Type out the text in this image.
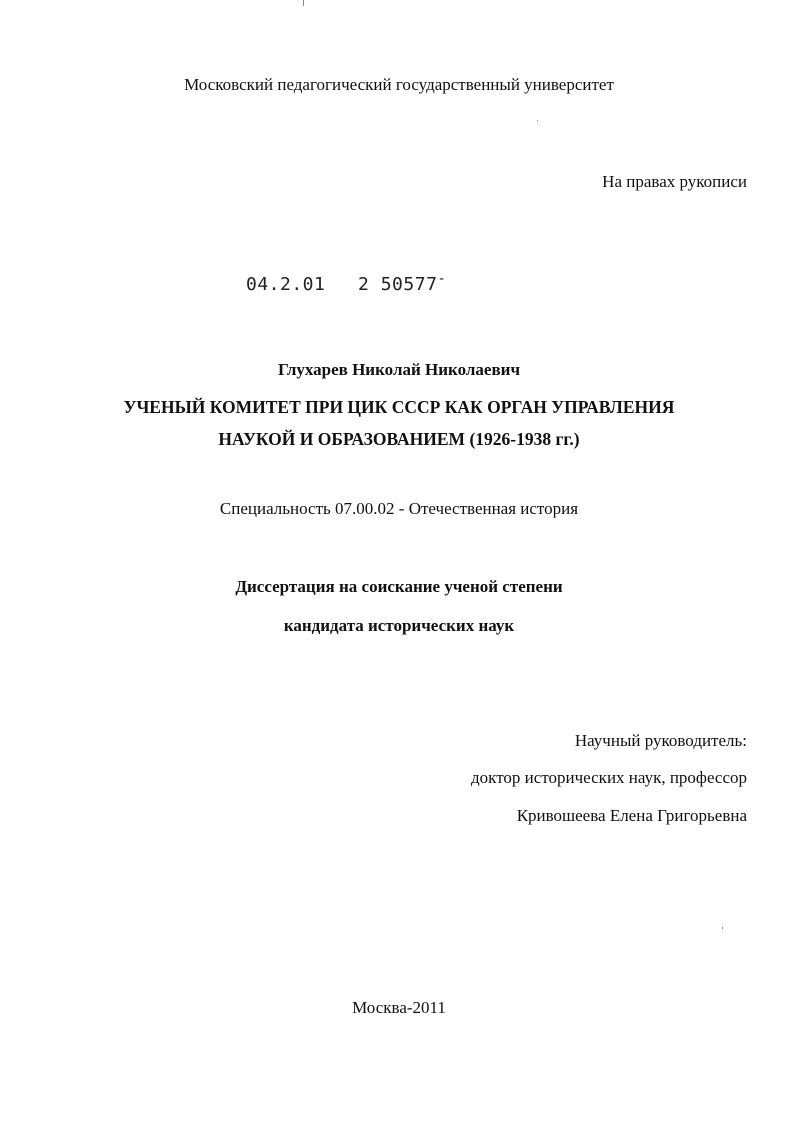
Московский педагогический государственный университет
На правах рукописи
04.2.01 2 50577-
Глухарев Николай Николаевич
УЧЕНЫЙ КОМИТЕТ ПРИ ЦИК СССР КАК ОРГАН УПРАВЛЕНИЯ
НАУКОЙ И ОБРАЗОВАНИЕМ (1926-1938 гг.)
Специальность 07.00.02 - Отечественная история
Диссертация на соискание ученой степени
кандидата исторических наук
Научный руководитель:
доктор исторических наук, профессор
Кривошеева Елена Григорьевна
Москва-2011
